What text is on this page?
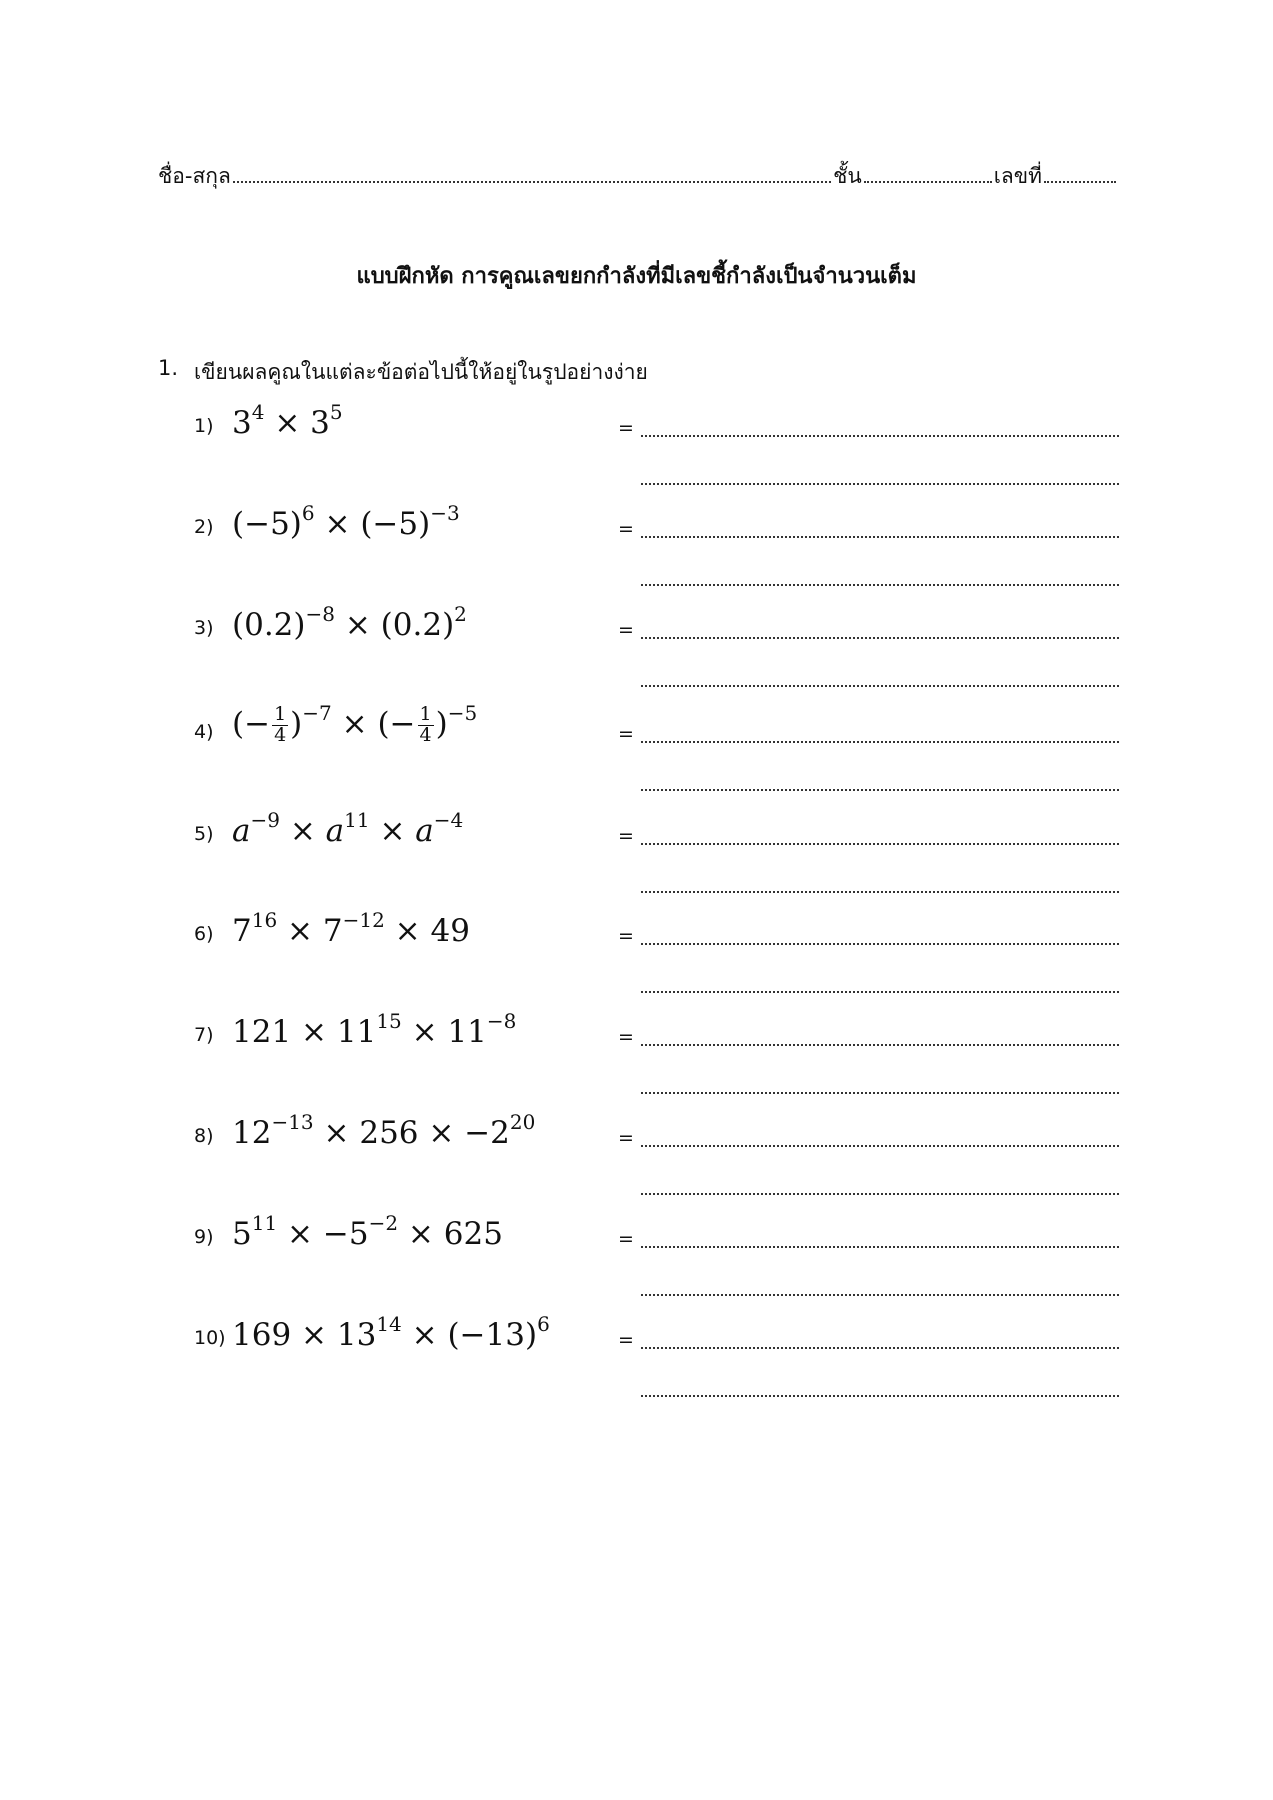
ชื่อ-สกุล	ชั้น	เลขที่
แบบฝึกหัด การคูณเลขยกกำลังที่มีเลขชี้กำลังเป็นจำนวนเต็ม
1. เขียนผลคูณในแต่ละข้อต่อไปนี้ให้อยู่ในรูปอย่างง่าย
1) $3^4 \times 3^5$
=
2) $(-5)^6 \times (-5)^{-3}$
=
3) $(0.2)^{-8} \times (0.2)^2$
=
4) (− $\frac{1}{4} )^{-7}$ × (− $\frac{1}{4} )^{-5}$
=
5) $a^{-9} \times a^{11} \times a^{-4}$
=
6) $7^{16} \times 7^{-12} \times 49$	=
7) $121 \times 11^{15} \times 11^{-8}$
=
8) $12^{-13} \times 256 \times -2^{20}$
=
9) $5^{11} \times -5^{-2} \times 625$	=
10) $169 \times 13^{14} \times (-13)^6$
=
